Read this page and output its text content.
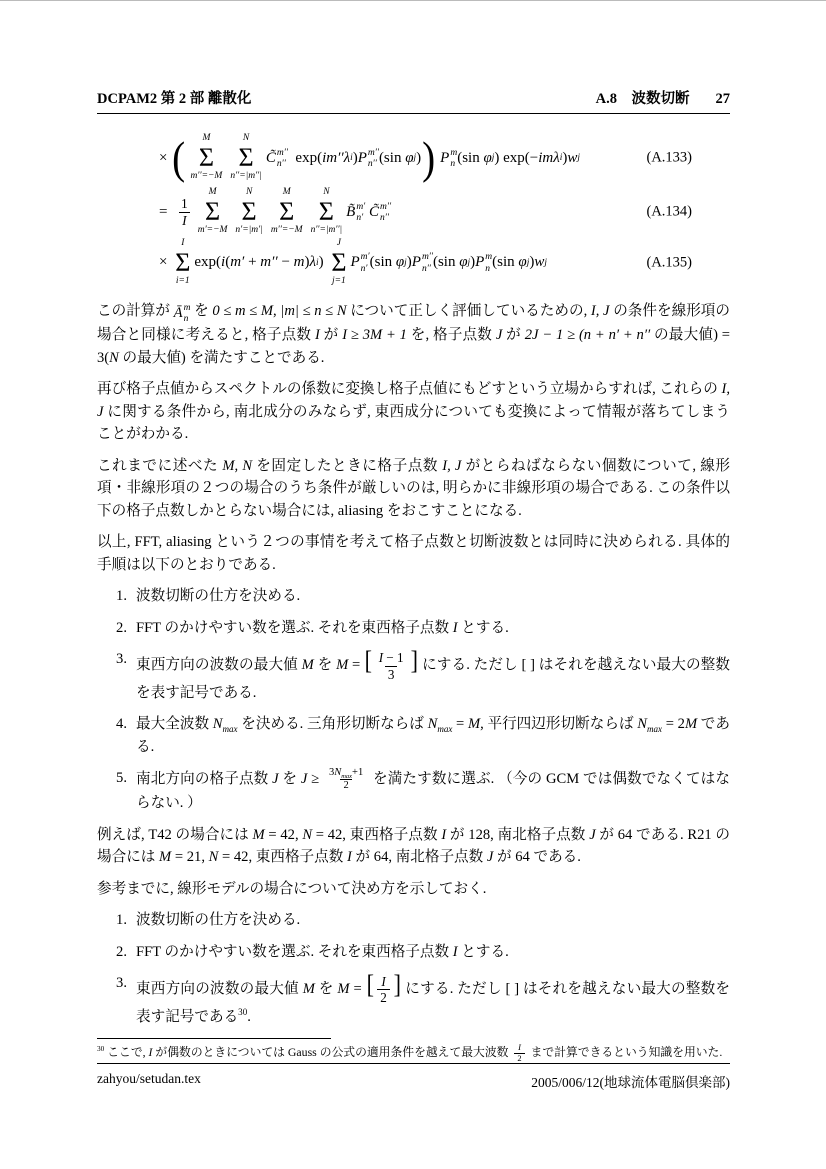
DCPAM2 第 2 部 離散化	A.8　波数切断 27
× ( M
Σ
m′′=−M
N
Σ
n′′=|m′′|
C̃ m′′
n′′ exp( im′′λ i ) P m′′
n′′ (sin φ j ) )
P m
n (sin φ j ) exp(− imλ i ) w j	(A.133)
= $\frac{1}{I}$
M
Σ
m′=−M
N
Σ
n′=|m′|
M
Σ
m′′=−M
N
Σ
n′′=|m′′|
B̃ m′
n′
C̃ m′′
n′′	(A.134)
×
I
Σ
i=1
exp( i ( m′ + m′′ − m ) λ i )
J
Σ
j=1
P m′
n′ (sin φ j ) P m′′
n′′ (sin φ j ) P m
n (sin φ j ) w j	(A.135)

この計算が Ā m
n
を 0 ≤ m ≤ M, |m| ≤ n ≤ N について正しく評価しているための, I, J の条件を線形項の場合と同様に考えると, 格子点数 I が I ≥ 3M + 1 を, 格子点数 J が 2J − 1 ≥ (n + n′ + n′′ の最大値) = 3(N の最大値) を満たすことである.

再び格子点値からスペクトルの係数に変換し格子点値にもどすという立場からすれば, これらの I, J に関する条件から, 南北成分のみならず, 東西成分についても変換によって情報が落ちてしまうことがわかる.

これまでに述べた M, N を固定したときに格子点数 I, J がとらねばならない個数について, 線形項・非線形項の２つの場合のうち条件が厳しいのは, 明らかに非線形項の場合である. この条件以下の格子点数しかとらない場合には, aliasing をおこすことになる.

以上, FFT, aliasing という２つの事情を考えて格子点数と切断波数とは同時に決められる. 具体的手順は以下のとおりである.

1. 波数切断の仕方を決める.
2. FFT のかけやすい数を選ぶ. それを東西格子点数 I とする.
3. 東西方向の波数の最大値 M を M = [ $\frac{I - 1}{3}$ ] にする. ただし [ ] はそれを越えない最大の整数を表す記号である.
4. 最大全波数 $N_{max}$ を決める. 三角形切断ならば $N_{max} = M$, 平行四辺形切断ならば $N_{max} = 2M$ である.
5. 南北方向の格子点数 J を $J \ge \frac{3N_{max}+1}{2}$ を満たす数に選ぶ. （今の GCM では偶数でなくてはならない. ）

例えば, T42 の場合には M = 42, N = 42, 東西格子点数 I が 128, 南北格子点数 J が 64 である. R21 の場合には M = 21, N = 42, 東西格子点数 I が 64, 南北格子点数 J が 64 である.

参考までに, 線形モデルの場合について決め方を示しておく.

1. 波数切断の仕方を決める.
2. FFT のかけやすい数を選ぶ. それを東西格子点数 I とする.
3. 東西方向の波数の最大値 M を M = [ $\frac{I}{2}$ ] にする. ただし [ ] はそれを越えない最大の整数を表す記号である$^{30}$.
$^{30}$ ここで, I が偶数のときについては Gauss の公式の適用条件を越えて最大波数 $\frac{I}{2}$ まで計算できるという知識を用いた.
zahyou/setudan.tex	2005/006/12(地球流体電脳倶楽部)
